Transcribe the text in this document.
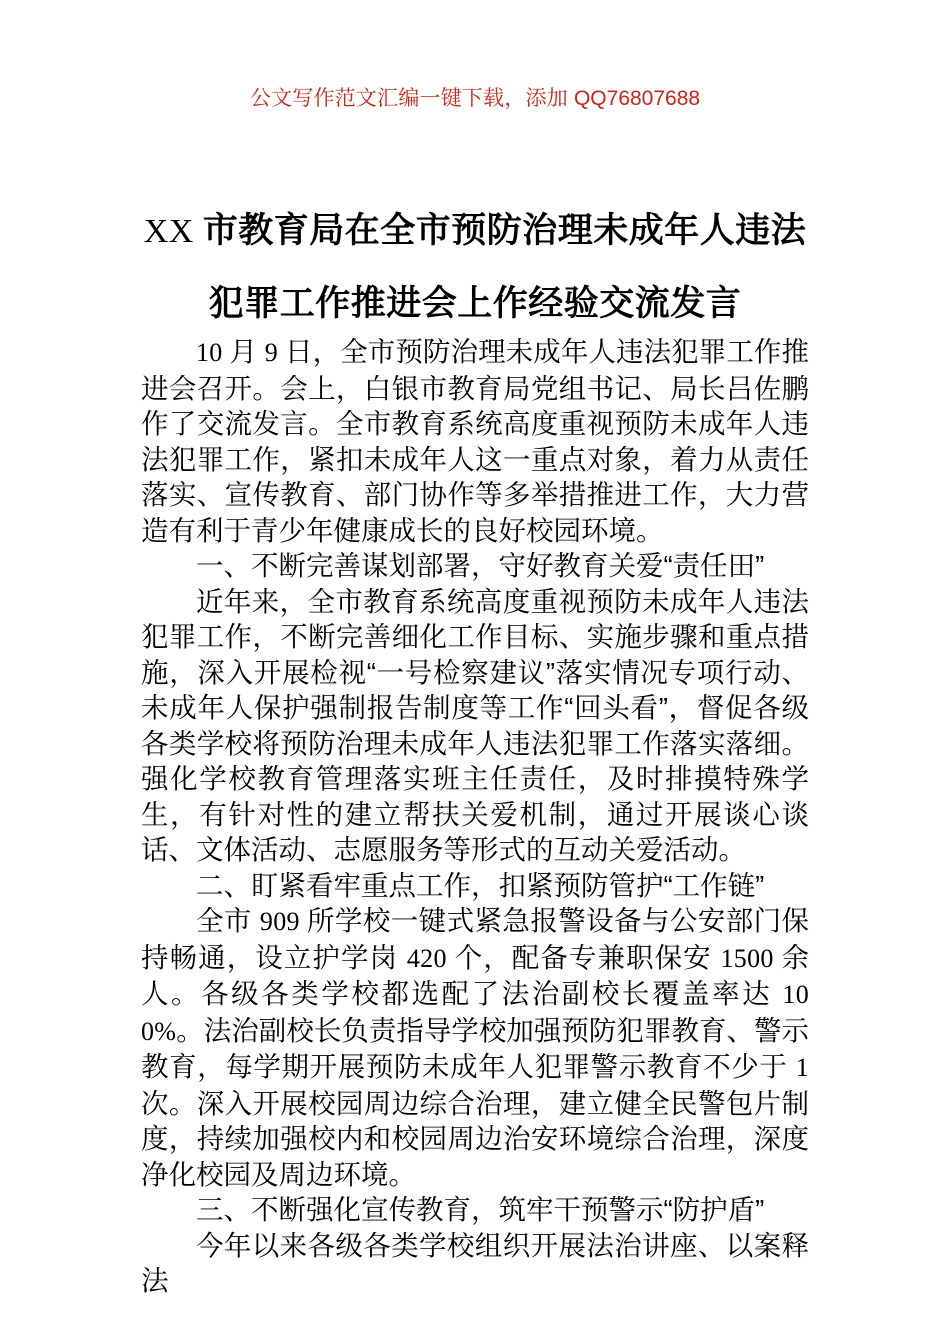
公文写作范文汇编一键下载，添加 QQ76807688
XX 市教育局在全市预防治理未成年人违法
犯罪工作推进会上作经验交流发言

10 月 9 日，全市预防治理未成年人违法犯罪工作推进会召开。会上，白银市教育局党组书记、局长吕佐鹏作了交流发言。全市教育系统高度重视预防未成年人违法犯罪工作，紧扣未成年人这一重点对象，着力从责任落实、宣传教育、部门协作等多举措推进工作，大力营造有利于青少年健康成长的良好校园环境。

一、不断完善谋划部署，守好教育关爱“责任田”

近年来，全市教育系统高度重视预防未成年人违法犯罪工作，不断完善细化工作目标、实施步骤和重点措施，深入开展检视“一号检察建议”落实情况专项行动、未成年人保护强制报告制度等工作“回头看”，督促各级各类学校将预防治理未成年人违法犯罪工作落实落细。强化学校教育管理落实班主任责任，及时排摸特殊学生，有针对性的建立帮扶关爱机制，通过开展谈心谈话、文体活动、志愿服务等形式的互动关爱活动。

二、盯紧看牢重点工作，扣紧预防管护“工作链”

全市 909 所学校一键式紧急报警设备与公安部门保持畅通，设立护学岗 420 个，配备专兼职保安 1500 余人。各级各类学校都选配了法治副校长覆盖率达 100%。法治副校长负责指导学校加强预防犯罪教育、警示教育，每学期开展预防未成年人犯罪警示教育不少于 1 次。深入开展校园周边综合治理，建立健全民警包片制度，持续加强校内和校园周边治安环境综合治理，深度净化校园及周边环境。

三、不断强化宣传教育，筑牢干预警示“防护盾”

今年以来各级各类学校组织开展法治讲座、以案释法
